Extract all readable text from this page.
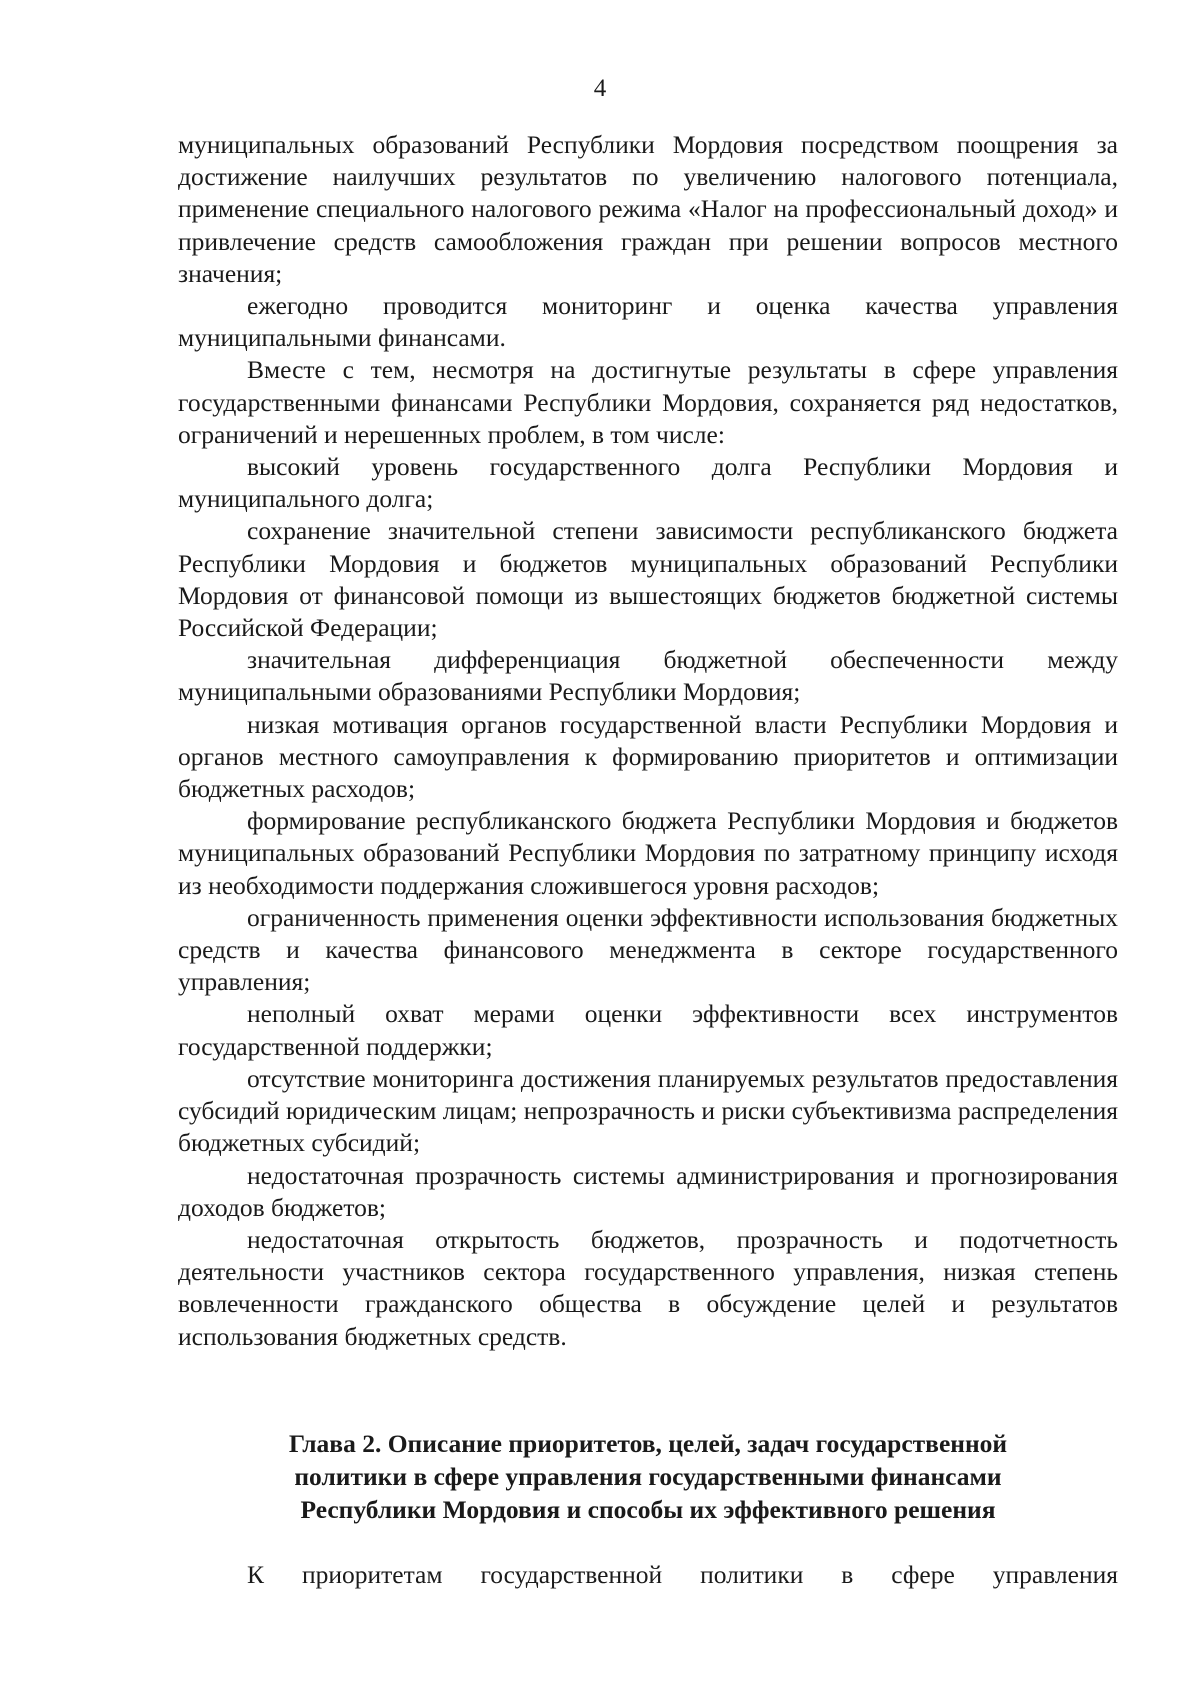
4

муниципальных образований Республики Мордовия посредством поощрения за достижение наилучших результатов по увеличению налогового потенциала, применение специального налогового режима «Налог на профессиональный доход» и привлечение средств самообложения граждан при решении вопросов местного значения;

ежегодно проводится мониторинг и оценка качества управления муниципальными финансами.

Вместе с тем, несмотря на достигнутые результаты в сфере управления государственными финансами Республики Мордовия, сохраняется ряд недостатков, ограничений и нерешенных проблем, в том числе:

высокий уровень государственного долга Республики Мордовия и муниципального долга;

сохранение значительной степени зависимости республиканского бюджета Республики Мордовия и бюджетов муниципальных образований Республики Мордовия от финансовой помощи из вышестоящих бюджетов бюджетной системы Российской Федерации;

значительная дифференциация бюджетной обеспеченности между муниципальными образованиями Республики Мордовия;

низкая мотивация органов государственной власти Республики Мордовия и органов местного самоуправления к формированию приоритетов и оптимизации бюджетных расходов;

формирование республиканского бюджета Республики Мордовия и бюджетов муниципальных образований Республики Мордовия по затратному принципу исходя из необходимости поддержания сложившегося уровня расходов;

ограниченность применения оценки эффективности использования бюджетных средств и качества финансового менеджмента в секторе государственного управления;

неполный охват мерами оценки эффективности всех инструментов государственной поддержки;

отсутствие мониторинга достижения планируемых результатов предоставления субсидий юридическим лицам; непрозрачность и риски субъективизма распределения бюджетных субсидий;

недостаточная прозрачность системы администрирования и прогнозирования доходов бюджетов;

недостаточная открытость бюджетов, прозрачность и подотчетность деятельности участников сектора государственного управления, низкая степень вовлеченности гражданского общества в обсуждение целей и результатов использования бюджетных средств.

Глава 2. Описание приоритетов, целей, задач государственной
политики в сфере управления государственными финансами
Республики Мордовия и способы их эффективного решения

К приоритетам государственной политики в сфере управления
